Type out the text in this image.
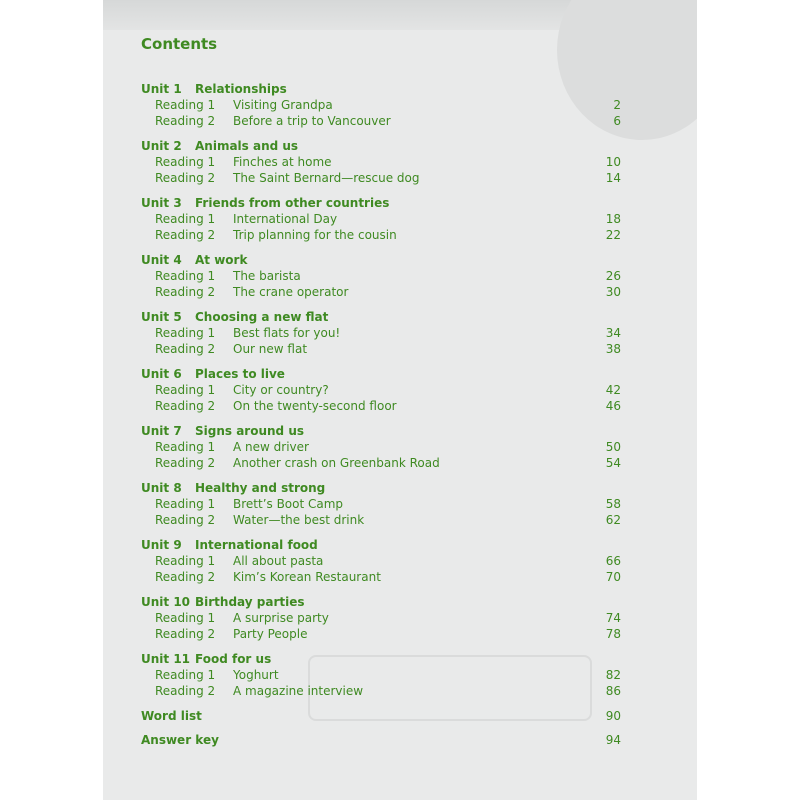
Contents
Unit 1 Relationships
Reading 1	Visiting Grandpa	2
Reading 2	Before a trip to Vancouver	6
Unit 2 Animals and us
Reading 1	Finches at home	10
Reading 2	The Saint Bernard—rescue dog	14
Unit 3 Friends from other countries
Reading 1	International Day	18
Reading 2	Trip planning for the cousin	22
Unit 4 At work
Reading 1	The barista	26
Reading 2	The crane operator	30
Unit 5 Choosing a new flat
Reading 1	Best flats for you!	34
Reading 2	Our new flat	38
Unit 6 Places to live
Reading 1	City or country?	42
Reading 2	On the twenty-second floor	46
Unit 7 Signs around us
Reading 1	A new driver	50
Reading 2	Another crash on Greenbank Road	54
Unit 8 Healthy and strong
Reading 1	Brett’s Boot Camp	58
Reading 2	Water—the best drink	62
Unit 9 International food
Reading 1	All about pasta	66
Reading 2	Kim’s Korean Restaurant	70
Unit 10 Birthday parties
Reading 1	A surprise party	74
Reading 2	Party People	78
Unit 11 Food for us
Reading 1	Yoghurt	82
Reading 2	A magazine interview	86
Word list	90
Answer key	94
